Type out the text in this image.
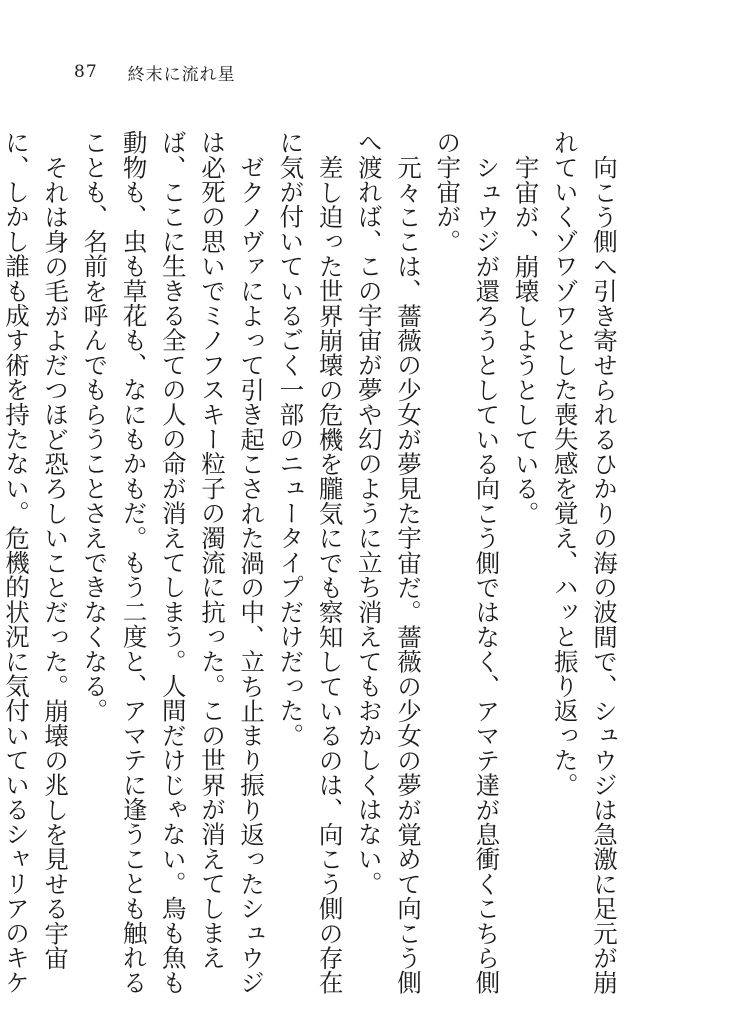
87 終末に流れ星

向こう側へ引き寄せられるひかりの海の波間で、シュウジは急激に足元が崩れていくゾワゾワとした喪失感を覚え、ハッと振り返った。

宇宙が、崩壊しようとしている。

シュウジが還ろうとしている向こう側ではなく、アマテ達が息衝くこちら側の宇宙が。

元々ここは、薔薇の少女が夢見た宇宙だ。薔薇の少女の夢が覚めて向こう側へ渡れば、この宇宙が夢や幻のように立ち消えてもおかしくはない。

差し迫った世界崩壊の危機を朧気にでも察知しているのは、向こう側の存在に気が付いているごく一部のニュータイプだけだった。

ゼクノヴァによって引き起こされた渦の中、立ち止まり振り返ったシュウジは必死の思いでミノフスキー粒子の濁流に抗った。この世界が消えてしまえば、ここに生きる全ての人の命が消えてしまう。人間だけじゃない。鳥も魚も動物も、虫も草花も、なにもかもだ。もう二度と、アマテに逢うことも触れることも、名前を呼んでもらうことさえできなくなる。

それは身の毛がよだつほど恐ろしいことだった。崩壊の兆しを見せる宇宙に、しかし誰も成す術を持たない。危機的状況に気付いているシャリアのキケ
